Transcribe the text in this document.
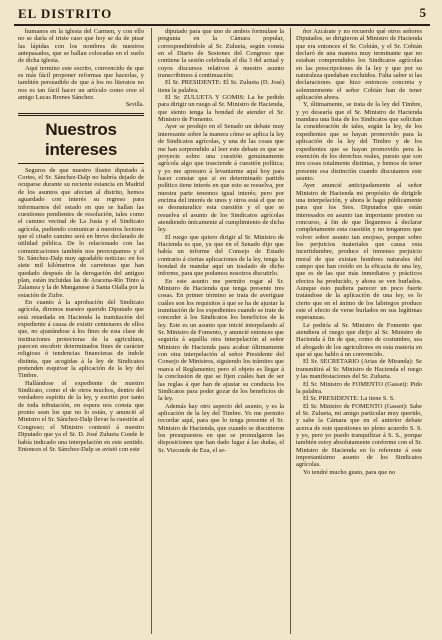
EL DISTRITO	5

humanos en la iglesia del Carmen, y con ello no se daría el triste caso que hoy se da de pisar las lápidas con los nombres de nuestros antepasados, que se hallan colocadas en el suelo de dicha iglesia.

Aquí termino este escrito, convencido de que es más fácil proponer reformas que hacerlas, y también persuadido de que á los no literatos no nos es tan fácil hacer un artículo como cree el amigo Lucas Brenes Sánchez.

Sevilla.
Nuestros intereses

Seguros de que nuestro ilustre diputado á Cortes, el Sr. Sánchez-Dalp no habría dejado de ocuparse durante su reciente estancia en Madrid de los asuntos que afectan al distrito, hemos aguardado con interés su regreso para informarnos del estado en que se hallan las cuestiones pendientes de resolución, tales como el camino vecinal de La Justa y el Sindicato agrícola, pudiendo comunicar á nuestros lectores que el citado camino será en breve declarado de utilidad pública. De lo relacionado con las comunicaciones también nos preocupamos y el Sr. Sánchez-Dalp muy agradable noticias: en los siete mil kilómetros de carreteras que han quedado después de la derogación del antiguo plan, están incluidas las de Aracena-Río Tinto á Zalamea y la de Manganese á Santa Olalla por la estación de Zufre.

En cuanto á la aprobación del Sindicato agrícola, diremos nuestro querido Diputado que está retardada en Hacienda la tramitación del expediente á causa de existir centenares de ellos que, no ajustándose á los fines de esta clase de instituciones protectoras de la agricultura, parecen encubrir determinados fines de carácter religioso ó tendencias financieras de índole distinta, que acogidas á la ley de Sindicatos pretenden esquivar la aplicación de la ley del Timbre.

Hallándose el expediente de nuestro Sindicato, como el de otros muchos, dentro del verdadero espíritu de la ley, y escrito por tanto de toda tributación, en espera nos consta que pronto sean los que no lo están, y anunció al Ministro el Sr. Sánchez-Dalp llevar la cuestión al Congreso; el Ministro contestó á nuestro Diputado que ya el Sr. D. José Zulueta Conde le había indicado una interpelación en este sentido. Entonces el Sr. Sánchez-Dalp se avistó con este

diputado para que uno de ambos formulase la pregunta en la Cámara popular, correspondiéndole al Sr. Zulueta, según consta en el Diario de Sesiones del Congreso que contiene la sesión celebrada el día 3 del actual y cuyos discursos relativos á nuestro asunto transcribimos á continuación:

El Sr. PRESIDENTE: El Sr. Zulueta (D. José) tiene la palabra.

El Sr. ZULUETA Y GOMIS: La he pedido para dirigir un ruego al Sr. Ministro de Hacienda, que siento tenga la bondad de atender el Sr. Ministro de Fomento.

Ayer se produjo en el Senado un debate muy interesante sobre la manera cómo se aplica la ley de Sindicatos agrícolas, y una de las cosas que me han sorprendido al leer este debate es que se proyecte sobre una cuestión genuinamente agrícola algo que trasciende á cuestión política; y yo me apresuro á levantarme aquí hoy para hacer constar que si en determinado partido político tiene interés en que esto se resuelva, por nuestra parte tenemos igual interés; pero por encima del interés de unos y otros está el que no se desnaturalice esta cuestión y el que se resuelva el asunto de los Sindicatos agrícolas atendiendo únicamente al cumplimiento de dicha ley.

El ruego que quiero dirigir al Sr. Ministro de Hacienda es que, ya que en el Senado dijo que había un informe del Consejo de Estado contrario á ciertas aplicaciones de la ley, tenga la bondad de mandar aquí un traslado de dicho informe, para que podamos nosotros discutirlo.

En este asunto me permito rogar al Sr. Ministro de Hacienda que tenga presente tres cosas. En primer término se trata de averiguar cuáles son los requisitos á que se ha de ajustar la tramitación de los expedientes cuando se trate de conceder á los Sindicatos los beneficios de la ley. Este es un asunto que inicié interpelando al Sr. Ministro de Fomento, y anuncié entonces que seguiría á aquélla otra interpelación al señor Ministro de Hacienda para acabar últimamente con otra interpelación al señor Presidente del Consejo de Ministros, siguiendo los trámites que marca el Reglamento; pero el objeto es llegar á la conclusión de que se fijen cuáles han de ser las reglas á que han de ajustar su conducta los Sindicatos para poder gozar de los beneficios de la ley.

Además hay otro aspecto del asunto, y es la aplicación de la ley del Timbre. Yo me permito recordar aquí, para que lo tenga presente el Sr. Ministro de Hacienda, que cuando se discutieron los presupuestos en que se promulgaron las disposiciones que han dado lugar á las dudas, el Sr. Vizconde de Eza, el se-

ñor Azcárate y no recuerdo qué otros señores Diputados, se dirigieron al Ministro de Hacienda que era entonces el Sr. Cobián, y el Sr. Cobián declaró de una manera muy terminante que no estaban comprendidos los Sindicatos agrícolas en las prescripciones de la ley y que por su naturaleza quedaban excluidos. Falta saber si las declaraciones que hizo entonces concreta y solemnemente el señor Cobián han de tener aplicación ahora.

Y, últimamente, se trata de la ley del Timbre, y yo desearía que el Sr. Ministro de Hacienda mandara una lista de los Sindicatos que solicitan la consideración de tales, según la ley, de los expedientes que se hayan promovido para la aplicación de la ley del Timbre y de los expedientes que se hayan promovido pera la exención de los derechos reales, puesto que son tres cosas totalmente distintas, y hemos de tener presente esa distinción cuando discutamos este asunto.

Ayer anuncié anticipadamente al señor Ministro de Hacienda mi propósito de dirigirle una interpelación, y ahora le hago públicamente para que los Sres. Diputados que están interesados en asunto tan importante presten su concurso, á fin de que lleguemos á declarar completamente esta cuestión y no tengamos que volver sobre asunto tan enojoso, porque sobre los perjuicios materiales que causa esta incertidumbre, produce el inmenso perjuicio moral de que existan hombres naturales del campo que han creído en la eficacia de una ley, que es de las que más inmediatos y prácticos efectos ha producido, y ahora se ven burlados. Aunque esto pudiera parecer un poco fuerte tratándose de la aplicación de una ley, es lo cierto que en el ánimo de los labriegos produce este el efecto de verse burlados en sus legítimas esperanzas.

Le pediría al Sr. Ministro de Fomento que atendiera el ruego que dirijo al Sr. Ministro de Hacienda á fin de que, como de costumbre, sea el abogado de los agricultores en esta materia en que sé que hablo á un convencido.

El Sr. SECRETARIO (Arias de Miranda): Se transmitirá al Sr. Ministro de Hacienda el ruego y las manifestaciones del Sr. Zulueta.

El Sr. Ministro de FOMENTO (Gasset): Pido la palabra.

El Sr. PRESIDENTE: La tiene S. S.

El Sr. Ministro de FOMENTO (Gasset): Sabe el Sr. Zulueta, mi amigo particular muy querido, y sabe la Cámara que en el anterior debate acerca de este questiones no pleno acuerdo S. S. y yo, pero yo puedo tranquilizar á S. S., porque también estoy absolutamente conforme con el Sr. Ministro de Hacienda en lo referente á este importantísimo asunto de los Sindicatos agrícolas.

Yo tendré mucho gusto, para que no
